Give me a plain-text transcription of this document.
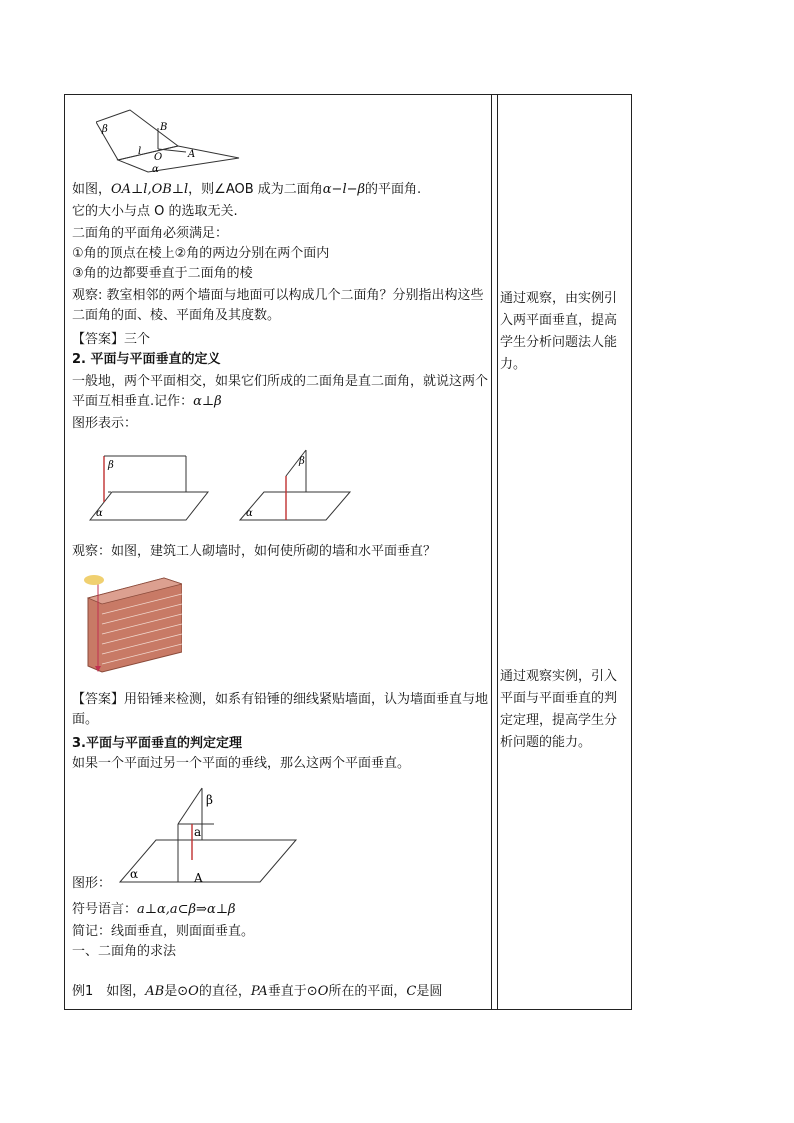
β	B
l
O	A
α
如图，OA⊥l,OB⊥l，则∠AOB 成为二面角α−l−β的平面角.
它的大小与点 O 的选取无关.
二面角的平面角必须满足：
①角的顶点在棱上②角的两边分别在两个面内
③角的边都要垂直于二面角的棱
观察: 教室相邻的两个墙面与地面可以构成几个二面角？分别指出构这些二面角的面、棱、平面角及其度数。
【答案】三个
2. 平面与平面垂直的定义
一般地，两个平面相交，如果它们所成的二面角是直二面角，就说这两个平面互相垂直.记作：α⊥β
图形表示：
β
α
β
α
观察：如图，建筑工人砌墙时，如何使所砌的墙和水平面垂直？
【答案】用铅锤来检测，如系有铅锤的细线紧贴墙面，认为墙面垂直与地面。
3.平面与平面垂直的判定定理
如果一个平面过另一个平面的垂线，那么这两个平面垂直。
β
a
α	A
图形：
符号语言：a⊥α,a⊂β⇒α⊥β
简记：线面垂直，则面面垂直。
一、二面角的求法
例1　如图，AB是⊙O的直径，PA垂直于⊙O所在的平面，C是圆
通过观察，由实例引入两平面垂直，提高学生分析问题法人能力。
通过观察实例，引入平面与平面垂直的判定定理，提高学生分析问题的能力。
